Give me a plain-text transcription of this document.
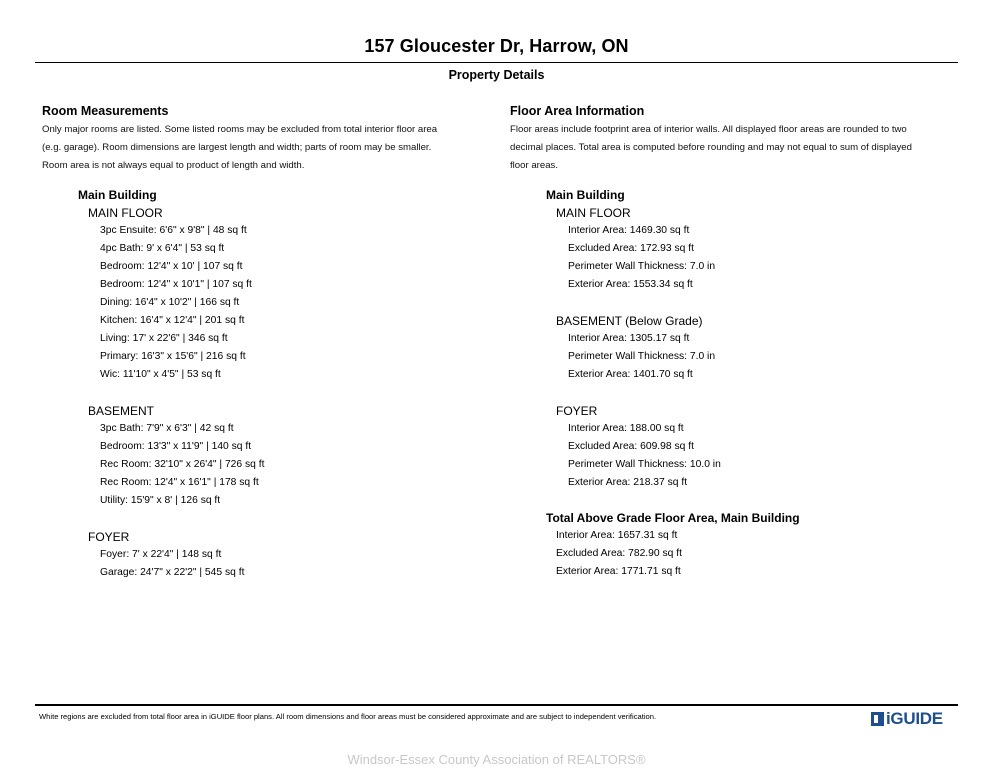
157 Gloucester Dr, Harrow, ON
Property Details
Room Measurements
Only major rooms are listed. Some listed rooms may be excluded from total interior floor area
(e.g. garage). Room dimensions are largest length and width; parts of room may be smaller.
Room area is not always equal to product of length and width.
Main Building
MAIN FLOOR
3pc Ensuite: 6'6" x 9'8" | 48 sq ft
4pc Bath: 9' x 6'4" | 53 sq ft
Bedroom: 12'4" x 10' | 107 sq ft
Bedroom: 12'4" x 10'1" | 107 sq ft
Dining: 16'4" x 10'2" | 166 sq ft
Kitchen: 16'4" x 12'4" | 201 sq ft
Living: 17' x 22'6" | 346 sq ft
Primary: 16'3" x 15'6" | 216 sq ft
Wic: 11'10" x 4'5" | 53 sq ft
BASEMENT
3pc Bath: 7'9" x 6'3" | 42 sq ft
Bedroom: 13'3" x 11'9" | 140 sq ft
Rec Room: 32'10" x 26'4" | 726 sq ft
Rec Room: 12'4" x 16'1" | 178 sq ft
Utility: 15'9" x 8' | 126 sq ft
FOYER
Foyer: 7' x 22'4" | 148 sq ft
Garage: 24'7" x 22'2" | 545 sq ft
Floor Area Information
Floor areas include footprint area of interior walls. All displayed floor areas are rounded to two
decimal places. Total area is computed before rounding and may not equal to sum of displayed
floor areas.
Main Building
MAIN FLOOR
Interior Area: 1469.30 sq ft
Excluded Area: 172.93 sq ft
Perimeter Wall Thickness: 7.0 in
Exterior Area: 1553.34 sq ft
BASEMENT (Below Grade)
Interior Area: 1305.17 sq ft
Perimeter Wall Thickness: 7.0 in
Exterior Area: 1401.70 sq ft
FOYER
Interior Area: 188.00 sq ft
Excluded Area: 609.98 sq ft
Perimeter Wall Thickness: 10.0 in
Exterior Area: 218.37 sq ft
Total Above Grade Floor Area, Main Building
Interior Area: 1657.31 sq ft
Excluded Area: 782.90 sq ft
Exterior Area: 1771.71 sq ft
White regions are excluded from total floor area in iGUIDE floor plans. All room dimensions and floor areas must be considered approximate and are subject to independent verification.	iGUIDE
Windsor-Essex County Association of REALTORS®
